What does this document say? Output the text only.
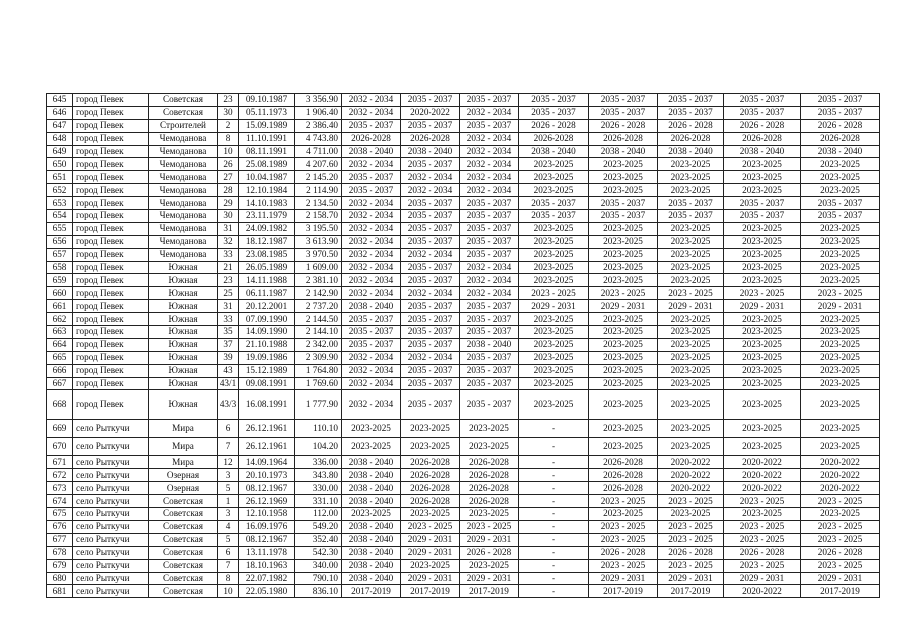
645	город Певек	Советская	23	09.10.1987	3 356.90	2032 - 2034	2035 - 2037	2035 - 2037	2035 - 2037	2035 - 2037	2035 - 2037	2035 - 2037	2035 - 2037
646	город Певек	Советская	30	05.11.1973	1 906.40	2032 - 2034	2020-2022	2032 - 2034	2035 - 2037	2035 - 2037	2035 - 2037	2035 - 2037	2035 - 2037
647	город Певек	Строителей	2	15.09.1989	2 386.40	2035 - 2037	2035 - 2037	2035 - 2037	2026 - 2028	2026 - 2028	2026 - 2028	2026 - 2028	2026 - 2028
648	город Певек	Чемоданова	8	11.10.1991	4 743.80	2026-2028	2026-2028	2032 - 2034	2026-2028	2026-2028	2026-2028	2026-2028	2026-2028
649	город Певек	Чемоданова	10	08.11.1991	4 711.00	2038 - 2040	2038 - 2040	2032 - 2034	2038 - 2040	2038 - 2040	2038 - 2040	2038 - 2040	2038 - 2040
650	город Певек	Чемоданова	26	25.08.1989	4 207.60	2032 - 2034	2035 - 2037	2032 - 2034	2023-2025	2023-2025	2023-2025	2023-2025	2023-2025
651	город Певек	Чемоданова	27	10.04.1987	2 145.20	2035 - 2037	2032 - 2034	2032 - 2034	2023-2025	2023-2025	2023-2025	2023-2025	2023-2025
652	город Певек	Чемоданова	28	12.10.1984	2 114.90	2035 - 2037	2032 - 2034	2032 - 2034	2023-2025	2023-2025	2023-2025	2023-2025	2023-2025
653	город Певек	Чемоданова	29	14.10.1983	2 134.50	2032 - 2034	2035 - 2037	2035 - 2037	2035 - 2037	2035 - 2037	2035 - 2037	2035 - 2037	2035 - 2037
654	город Певек	Чемоданова	30	23.11.1979	2 158.70	2032 - 2034	2035 - 2037	2035 - 2037	2035 - 2037	2035 - 2037	2035 - 2037	2035 - 2037	2035 - 2037
655	город Певек	Чемоданова	31	24.09.1982	3 195.50	2032 - 2034	2035 - 2037	2035 - 2037	2023-2025	2023-2025	2023-2025	2023-2025	2023-2025
656	город Певек	Чемоданова	32	18.12.1987	3 613.90	2032 - 2034	2035 - 2037	2035 - 2037	2023-2025	2023-2025	2023-2025	2023-2025	2023-2025
657	город Певек	Чемоданова	33	23.08.1985	3 970.50	2032 - 2034	2032 - 2034	2035 - 2037	2023-2025	2023-2025	2023-2025	2023-2025	2023-2025
658	город Певек	Южная	21	26.05.1989	1 609.00	2032 - 2034	2035 - 2037	2032 - 2034	2023-2025	2023-2025	2023-2025	2023-2025	2023-2025
659	город Певек	Южная	23	14.11.1988	2 381.10	2032 - 2034	2035 - 2037	2032 - 2034	2023-2025	2023-2025	2023-2025	2023-2025	2023-2025
660	город Певек	Южная	25	06.11.1987	2 142.90	2032 - 2034	2032 - 2034	2032 - 2034	2023 - 2025	2023 - 2025	2023 - 2025	2023 - 2025	2023 - 2025
661	город Певек	Южная	31	20.12.2001	2 737.20	2038 - 2040	2035 - 2037	2035 - 2037	2029 - 2031	2029 - 2031	2029 - 2031	2029 - 2031	2029 - 2031
662	город Певек	Южная	33	07.09.1990	2 144.50	2035 - 2037	2035 - 2037	2035 - 2037	2023-2025	2023-2025	2023-2025	2023-2025	2023-2025
663	город Певек	Южная	35	14.09.1990	2 144.10	2035 - 2037	2035 - 2037	2035 - 2037	2023-2025	2023-2025	2023-2025	2023-2025	2023-2025
664	город Певек	Южная	37	21.10.1988	2 342.00	2035 - 2037	2035 - 2037	2038 - 2040	2023-2025	2023-2025	2023-2025	2023-2025	2023-2025
665	город Певек	Южная	39	19.09.1986	2 309.90	2032 - 2034	2032 - 2034	2035 - 2037	2023-2025	2023-2025	2023-2025	2023-2025	2023-2025
666	город Певек	Южная	43	15.12.1989	1 764.80	2032 - 2034	2035 - 2037	2035 - 2037	2023-2025	2023-2025	2023-2025	2023-2025	2023-2025
667	город Певек	Южная	43/1	09.08.1991	1 769.60	2032 - 2034	2035 - 2037	2035 - 2037	2023-2025	2023-2025	2023-2025	2023-2025	2023-2025
668	город Певек	Южная	43/3	16.08.1991	1 777.90	2032 - 2034	2035 - 2037	2035 - 2037	2023-2025	2023-2025	2023-2025	2023-2025	2023-2025
669	село Рыткучи	Мира	6	26.12.1961	110.10	2023-2025	2023-2025	2023-2025	-	2023-2025	2023-2025	2023-2025	2023-2025
670	село Рыткучи	Мира	7	26.12.1961	104.20	2023-2025	2023-2025	2023-2025	-	2023-2025	2023-2025	2023-2025	2023-2025
671	село Рыткучи	Мира	12	14.09.1964	336.00	2038 - 2040	2026-2028	2026-2028	-	2026-2028	2020-2022	2020-2022	2020-2022
672	село Рыткучи	Озерная	3	20.10.1973	343.80	2038 - 2040	2026-2028	2026-2028	-	2026-2028	2020-2022	2020-2022	2020-2022
673	село Рыткучи	Озерная	5	08.12.1967	330.00	2038 - 2040	2026-2028	2026-2028	-	2026-2028	2020-2022	2020-2022	2020-2022
674	село Рыткучи	Советская	1	26.12.1969	331.10	2038 - 2040	2026-2028	2026-2028	-	2023 - 2025	2023 - 2025	2023 - 2025	2023 - 2025
675	село Рыткучи	Советская	3	12.10.1958	112.00	2023-2025	2023-2025	2023-2025	-	2023-2025	2023-2025	2023-2025	2023-2025
676	село Рыткучи	Советская	4	16.09.1976	549.20	2038 - 2040	2023 - 2025	2023 - 2025	-	2023 - 2025	2023 - 2025	2023 - 2025	2023 - 2025
677	село Рыткучи	Советская	5	08.12.1967	352.40	2038 - 2040	2029 - 2031	2029 - 2031	-	2023 - 2025	2023 - 2025	2023 - 2025	2023 - 2025
678	село Рыткучи	Советская	6	13.11.1978	542.30	2038 - 2040	2029 - 2031	2026 - 2028	-	2026 - 2028	2026 - 2028	2026 - 2028	2026 - 2028
679	село Рыткучи	Советская	7	18.10.1963	340.00	2038 - 2040	2023-2025	2023-2025	-	2023 - 2025	2023 - 2025	2023 - 2025	2023 - 2025
680	село Рыткучи	Советская	8	22.07.1982	790.10	2038 - 2040	2029 - 2031	2029 - 2031	-	2029 - 2031	2029 - 2031	2029 - 2031	2029 - 2031
681	село Рыткучи	Советская	10	22.05.1980	836.10	2017-2019	2017-2019	2017-2019	-	2017-2019	2017-2019	2020-2022	2017-2019
